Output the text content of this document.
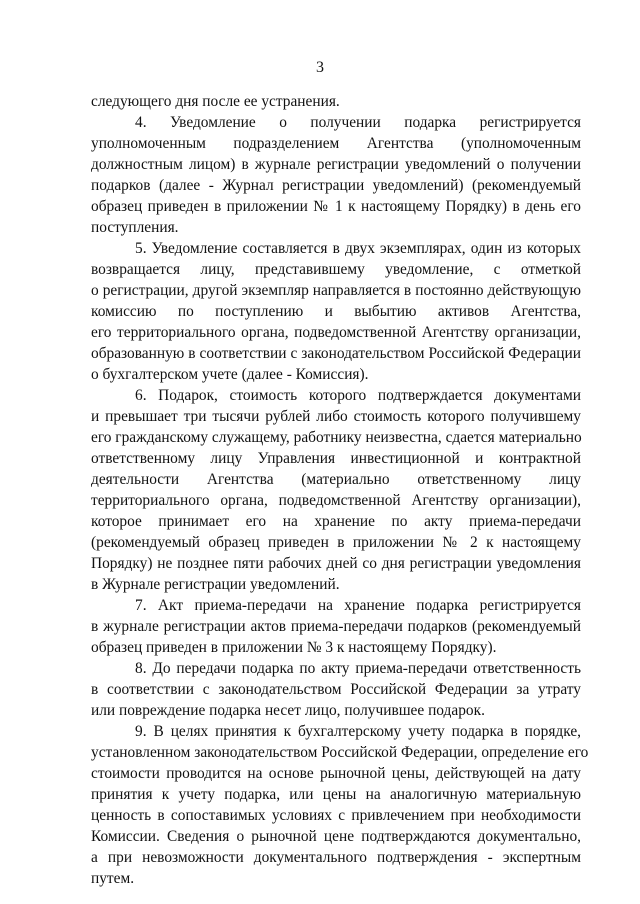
3
следующего дня после ее устранения.
4. Уведомление о получении подарка регистрируется
уполномоченным подразделением Агентства (уполномоченным
должностным лицом) в журнале регистрации уведомлений о получении
подарков (далее - Журнал регистрации уведомлений) (рекомендуемый
образец приведен в приложении № 1 к настоящему Порядку) в день его
поступления.
5. Уведомление составляется в двух экземплярах, один из которых
возвращается лицу, представившему уведомление, с отметкой
о регистрации, другой экземпляр направляется в постоянно действующую
комиссию по поступлению и выбытию активов Агентства,
его территориального органа, подведомственной Агентству организации,
образованную в соответствии с законодательством Российской Федерации
о бухгалтерском учете (далее - Комиссия).
6. Подарок, стоимость которого подтверждается документами
и превышает три тысячи рублей либо стоимость которого получившему
его гражданскому служащему, работнику неизвестна, сдается материально
ответственному лицу Управления инвестиционной и контрактной
деятельности Агентства (материально ответственному лицу
территориального органа, подведомственной Агентству организации),
которое принимает его на хранение по акту приема-передачи
(рекомендуемый образец приведен в приложении № 2 к настоящему
Порядку) не позднее пяти рабочих дней со дня регистрации уведомления
в Журнале регистрации уведомлений.
7. Акт приема-передачи на хранение подарка регистрируется
в журнале регистрации актов приема-передачи подарков (рекомендуемый
образец приведен в приложении № 3 к настоящему Порядку).
8. До передачи подарка по акту приема-передачи ответственность
в соответствии с законодательством Российской Федерации за утрату
или повреждение подарка несет лицо, получившее подарок.
9. В целях принятия к бухгалтерскому учету подарка в порядке,
установленном законодательством Российской Федерации, определение его
стоимости проводится на основе рыночной цены, действующей на дату
принятия к учету подарка, или цены на аналогичную материальную
ценность в сопоставимых условиях с привлечением при необходимости
Комиссии. Сведения о рыночной цене подтверждаются документально,
а при невозможности документального подтверждения - экспертным
путем.
